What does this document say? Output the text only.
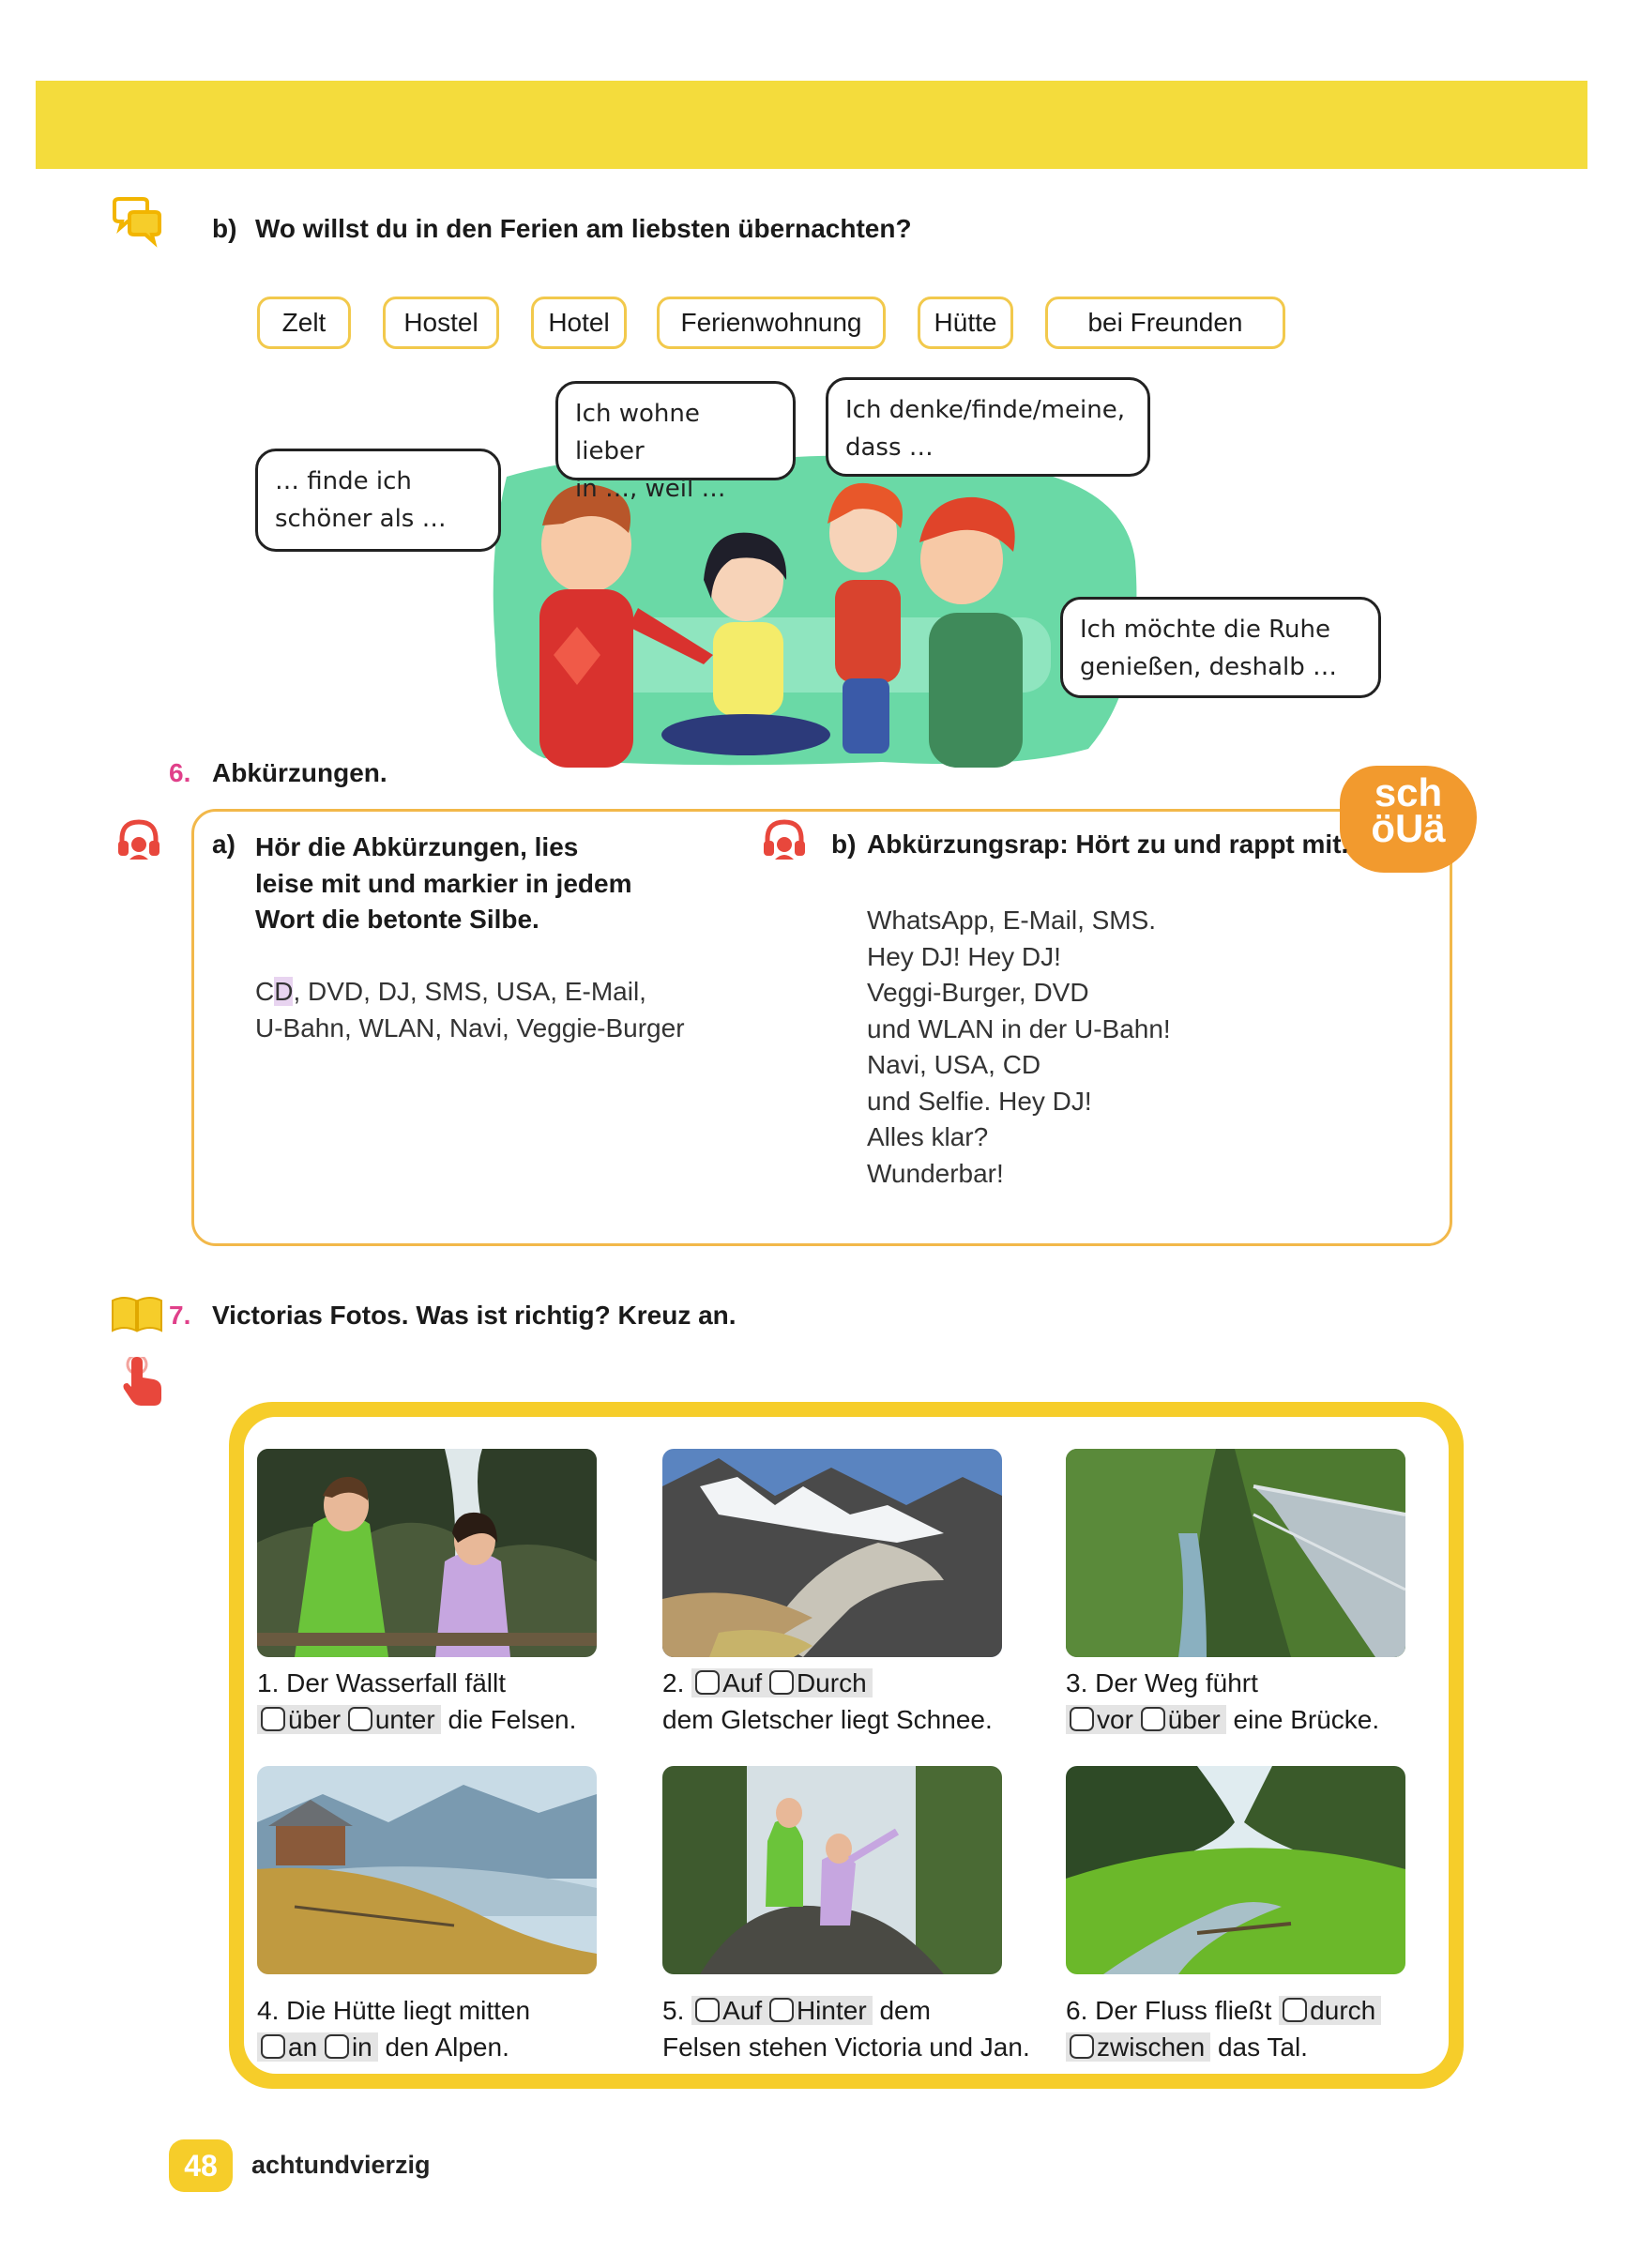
b) Wo willst du in den Ferien am liebsten übernachten?
Zelt	Hostel	Hotel	Ferienwohnung	Hütte	bei Freunden
… finde ich
schöner als …
Ich wohne lieber
in …, weil …
Ich denke/finde/meine,
dass …
Ich möchte die Ruhe
genießen, deshalb …
6. Abkürzungen.	sch
öUä
a) Hör die Abkürzungen, lies
leise mit und markier in jedem
Wort die betonte Silbe.
CD, DVD, DJ, SMS, USA, E-Mail,
U-Bahn, WLAN, Navi, Veggie-Burger
b) Abkürzungsrap: Hört zu und rappt mit.
WhatsApp, E-Mail, SMS.
Hey DJ! Hey DJ!
Veggi-Burger, DVD
und WLAN in der U-Bahn!
Navi, USA, CD
und Selfie. Hey DJ!
Alles klar?
Wunderbar!
7. Victorias Fotos. Was ist richtig? Kreuz an.
1. Der Wasserfall fällt
über unter die Felsen.
2. Auf Durch
dem Gletscher liegt Schnee.
3. Der Weg führt
vor über eine Brücke.
4. Die Hütte liegt mitten
an in den Alpen.
5. Auf Hinter dem
Felsen stehen Victoria und Jan.
6. Der Fluss fließt durch
zwischen das Tal.
48	achtundvierzig
